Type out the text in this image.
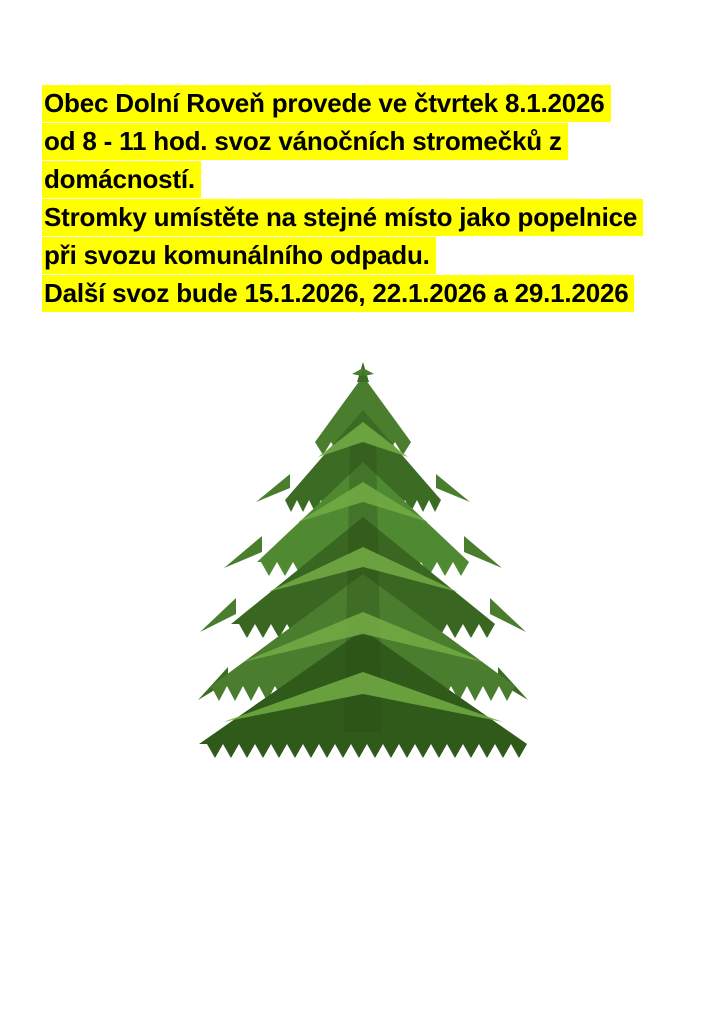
Obec Dolní Roveň provede ve čtvrtek 8.1.2026
od 8 - 11 hod. svoz vánočních stromečků z
domácností.

Stromky umístěte na stejné místo jako popelnice
při svozu komunálního odpadu.

Další svoz bude 15.1.2026, 22.1.2026 a 29.1.2026
